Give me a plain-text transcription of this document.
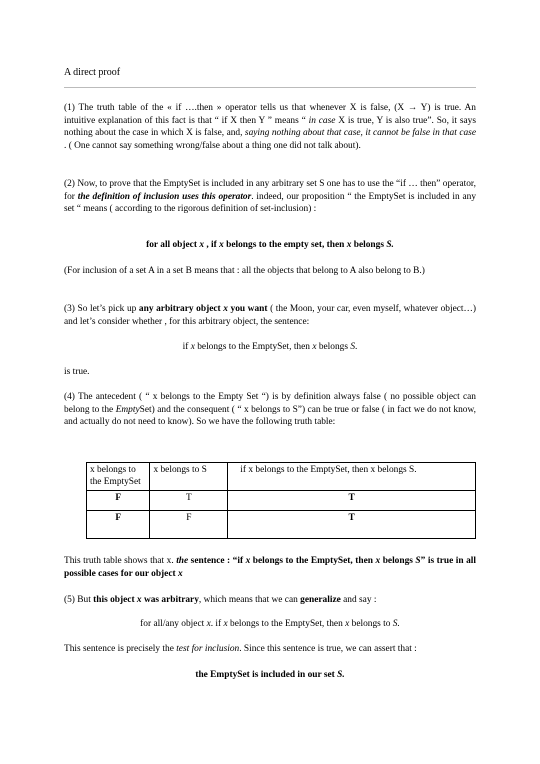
A direct proof
(1) The truth table of the « if ….then » operator tells us that whenever X is false, (X → Y) is true. An intuitive explanation of this fact is that “ if X then Y ” means “ in case X is true, Y is also true”. So, it says nothing about the case in which X is false, and, saying nothing about that case, it cannot be false in that case . ( One cannot say something wrong/false about a thing one did not talk about).
(2) Now, to prove that the EmptySet is included in any arbitrary set S one has to use the “if … then” operator, for the definition of inclusion uses this operator. indeed, our proposition “ the EmptySet is included in any set “ means ( according to the rigorous definition of set-inclusion) :
for all object x , if x belongs to the empty set, then x belongs S.
(For inclusion of a set A in a set B means that : all the objects that belong to A also belong to B.)
(3) So let’s pick up any arbitrary object x you want ( the Moon, your car, even myself, whatever object…) and let’s consider whether , for this arbitrary object, the sentence:
if x belongs to the EmptySet, then x belongs S.
is true.
(4) The antecedent ( “ x belongs to the Empty Set “) is by definition always false ( no possible object can belong to the EmptySet) and the consequent ( “ x belongs to S”) can be true or false ( in fact we do not know, and actually do not need to know). So we have the following truth table:
x belongs to the EmptySet	x belongs to S	if x belongs to the EmptySet, then x belongs S.
F	T	T
F	F	T
This truth table shows that x. the sentence : “if x belongs to the EmptySet, then x belongs S” is true in all possible cases for our object x
(5) But this object x was arbitrary, which means that we can generalize and say :
for all/any object x. if x belongs to the EmptySet, then x belongs to S.
This sentence is precisely the test for inclusion. Since this sentence is true, we can assert that :
the EmptySet is included in our set S.
